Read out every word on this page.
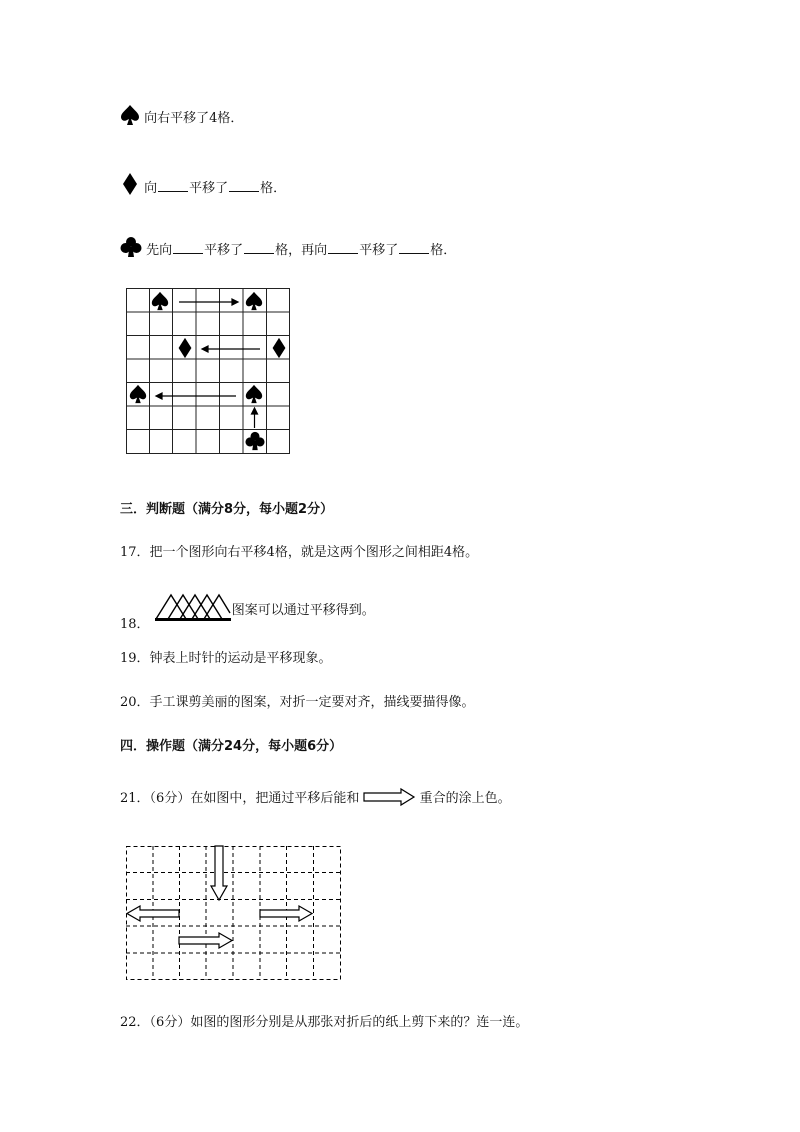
向右平移了4格．
向 平移了 格．
先向 平移了 格，再向 平移了 格．
三．判断题（满分8分，每小题2分）
17．把一个图形向右平移4格，就是这两个图形之间相距4格。
18． 图案可以通过平移得到。
19．钟表上时针的运动是平移现象。
20．手工课剪美丽的图案，对折一定要对齐，描线要描得像。
四．操作题（满分24分，每小题6分）
21．（6分）在如图中，把通过平移后能和	重合的涂上色。
22．（6分）如图的图形分别是从那张对折后的纸上剪下来的？连一连。
